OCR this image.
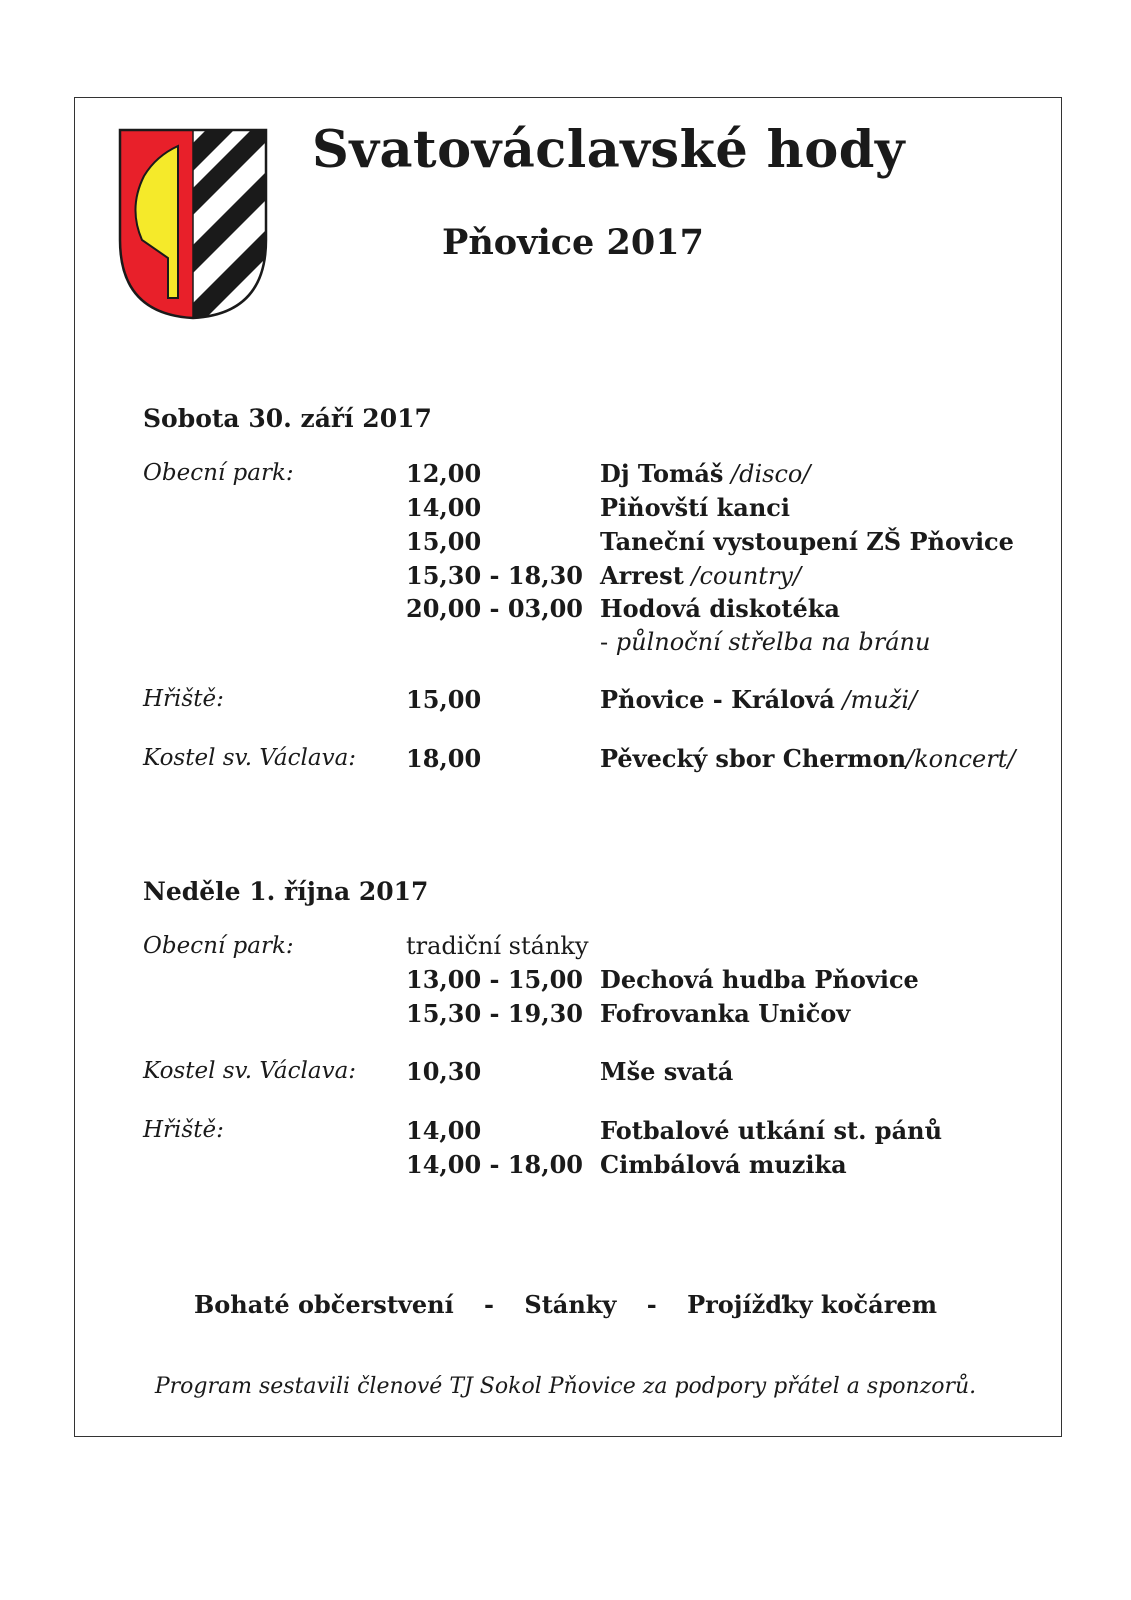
Svatováclavské hody
Pňovice 2017
Sobota 30. září 2017
Obecní park:	12,00	Dj Tomáš /disco/
14,00	Piňovští kanci
15,00	Taneční vystoupení ZŠ Pňovice
15,30 - 18,30 Arrest /country/
20,00 - 03,00 Hodová diskotéka
- půlnoční střelba na bránu
Hřiště:	15,00	Pňovice - Králová /muži/
Kostel sv. Václava: 18,00	Pěvecký sbor Chermon/koncert/
Neděle 1. října 2017
Obecní park:	tradiční stánky
13,00 - 15,00 Dechová hudba Pňovice
15,30 - 19,30 Fofrovanka Uničov
Kostel sv. Václava: 10,30	Mše svatá
Hřiště:	14,00	Fotbalové utkání st. pánů
14,00 - 18,00 Cimbálová muzika
Bohaté občerstvení - Stánky - Projížďky kočárem
Program sestavili členové TJ Sokol Pňovice za podpory přátel a sponzorů.
